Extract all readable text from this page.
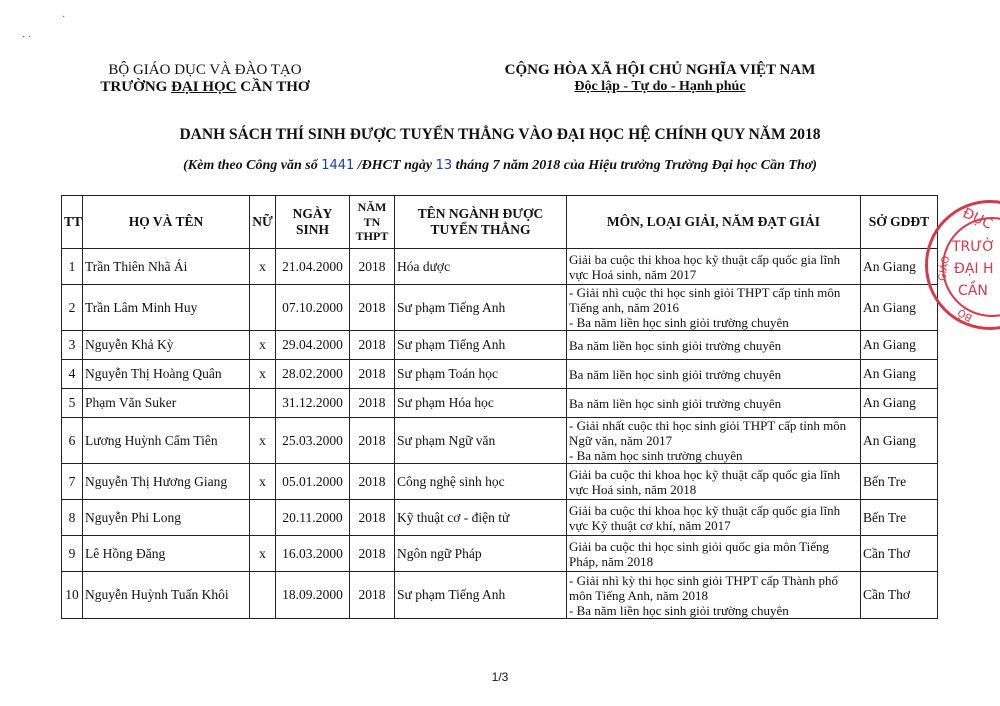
·
· ·
BỘ GIÁO DỤC VÀ ĐÀO TẠO
TRƯỜNG ĐẠI HỌC CẦN THƠ
CỘNG HÒA XÃ HỘI CHỦ NGHĨA VIỆT NAM
Độc lập - Tự do - Hạnh phúc
DANH SÁCH THÍ SINH ĐƯỢC TUYỂN THẲNG VÀO ĐẠI HỌC HỆ CHÍNH QUY NĂM 2018
(Kèm theo Công văn số 1441 /ĐHCT ngày 13 tháng 7 năm 2018 của Hiệu trưởng Trường Đại học Cần Thơ)
TT	HỌ VÀ TÊN	NỮ	NGÀY SINH	NĂM TN THPT	TÊN NGÀNH ĐƯỢC TUYỂN THẲNG	MÔN, LOẠI GIẢI, NĂM ĐẠT GIẢI	SỞ GDĐT
1	Trần Thiên Nhã Ái	x	21.04.2000	2018	Hóa dược	Giải ba cuộc thi khoa học kỹ thuật cấp quốc gia lĩnh vực Hoá sinh, năm 2017	An Giang
2	Trần Lâm Minh Huy		07.10.2000	2018	Sư phạm Tiếng Anh	- Giải nhì cuộc thi học sinh giỏi THPT cấp tỉnh môn Tiếng anh, năm 2016
- Ba năm liền học sinh giỏi trường chuyên	An Giang
3	Nguyễn Khả Kỳ	x	29.04.2000	2018	Sư phạm Tiếng Anh	Ba năm liền học sinh giỏi trường chuyên	An Giang
4	Nguyễn Thị Hoàng Quân	x	28.02.2000	2018	Sư phạm Toán học	Ba năm liền học sinh giỏi trường chuyên	An Giang
5	Phạm Văn Suker		31.12.2000	2018	Sư phạm Hóa học	Ba năm liền học sinh giỏi trường chuyên	An Giang
6	Lương Huỳnh Cẩm Tiên	x	25.03.2000	2018	Sư phạm Ngữ văn	- Giải nhất cuộc thi học sinh giỏi THPT cấp tỉnh môn Ngữ văn, năm 2017
- Ba năm học sinh trường chuyên	An Giang
7	Nguyễn Thị Hương Giang	x	05.01.2000	2018	Công nghệ sinh học	Giải ba cuộc thi khoa học kỹ thuật cấp quốc gia lĩnh vực Hoá sinh, năm 2018	Bến Tre
8	Nguyễn Phi Long		20.11.2000	2018	Kỹ thuật cơ - điện tử	Giải ba cuộc thi khoa học kỹ thuật cấp quốc gia lĩnh vực Kỹ thuật cơ khí, năm 2017	Bến Tre
9	Lê Hồng Đăng	x	16.03.2000	2018	Ngôn ngữ Pháp	Giải ba cuộc thi học sinh giỏi quốc gia môn Tiếng Pháp, năm 2018	Cần Thơ
10	Nguyễn Huỳnh Tuấn Khôi		18.09.2000	2018	Sư phạm Tiếng Anh	- Giải nhì kỳ thi học sinh giỏi THPT cấp Thành phố môn Tiếng Anh, năm 2018
- Ba năm liền học sinh giỏi trường chuyên	Cần Thơ
ĐỤC
TRƯỜ
ĐẠI H
CẦN
GIÁO
BỘ
1/3
